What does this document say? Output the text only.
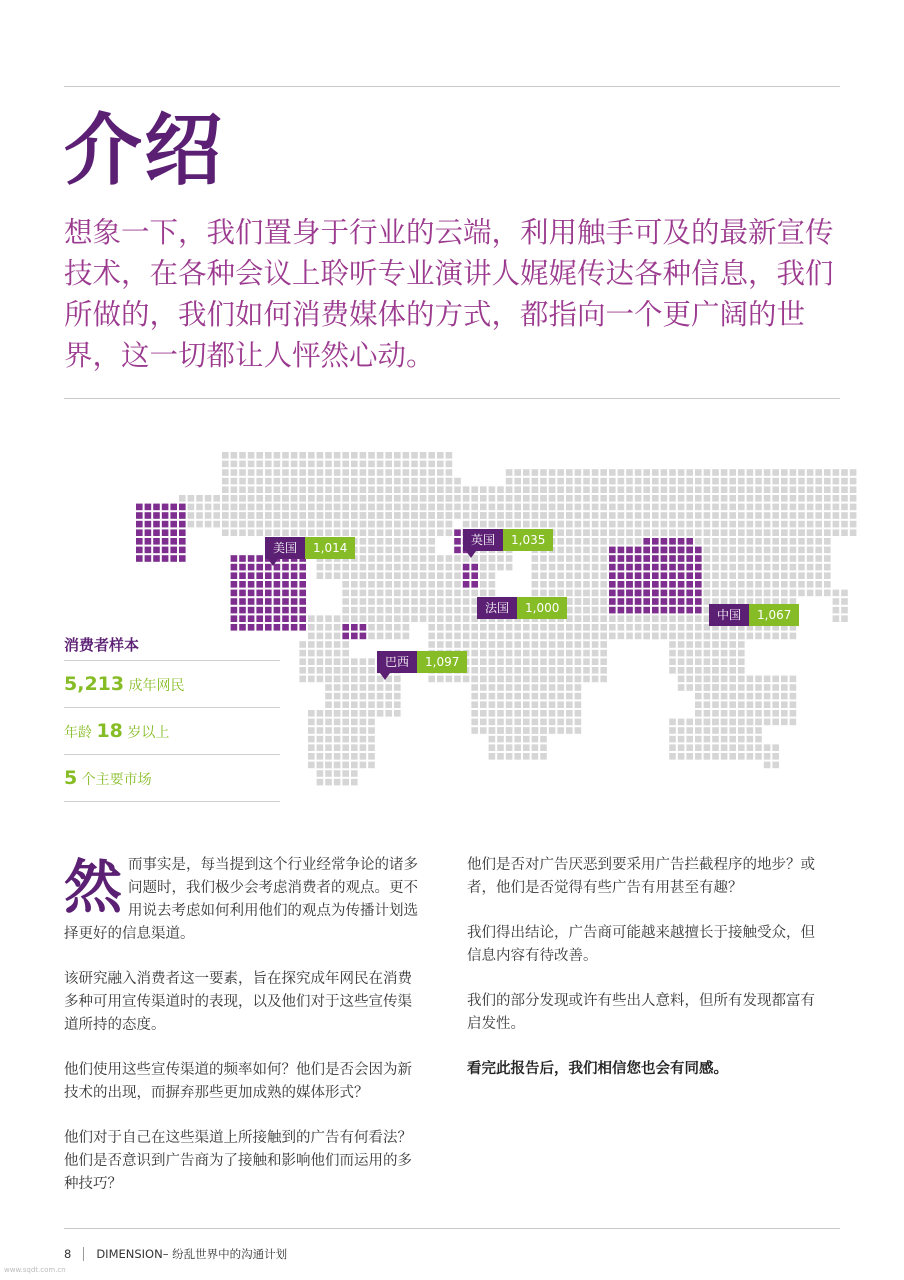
介绍

想象一下，我们置身于行业的云端，利用触手可及的最新宣传技术，在各种会议上聆听专业演讲人娓娓传达各种信息，我们所做的，我们如何消费媒体的方式，都指向一个更广阔的世界，这一切都让人怦然心动。

美国	1,014
英国	1,035
法国	1,000	中国	1,067
巴西	1,097
消费者样本
5,213 成年网民
年龄 18 岁以上
5 个主要市场

然而事实是，每当提到这个行业经常争论的诸多问题时，我们极少会考虑消费者的观点。更不用说去考虑如何利用他们的观点为传播计划选择更好的信息渠道。

该研究融入消费者这一要素，旨在探究成年网民在消费多种可用宣传渠道时的表现，以及他们对于这些宣传渠道所持的态度。

他们使用这些宣传渠道的频率如何？他们是否会因为新技术的出现，而摒弃那些更加成熟的媒体形式？

他们对于自己在这些渠道上所接触到的广告有何看法？他们是否意识到广告商为了接触和影响他们而运用的多种技巧？

他们是否对广告厌恶到要采用广告拦截程序的地步？或者，他们是否觉得有些广告有用甚至有趣？

我们得出结论，广告商可能越来越擅长于接触受众，但信息内容有待改善。

我们的部分发现或许有些出人意料，但所有发现都富有启发性。

看完此报告后，我们相信您也会有同感。

8 DIMENSION – 纷乱世界中的沟通计划
www.sqdt.com.cn
